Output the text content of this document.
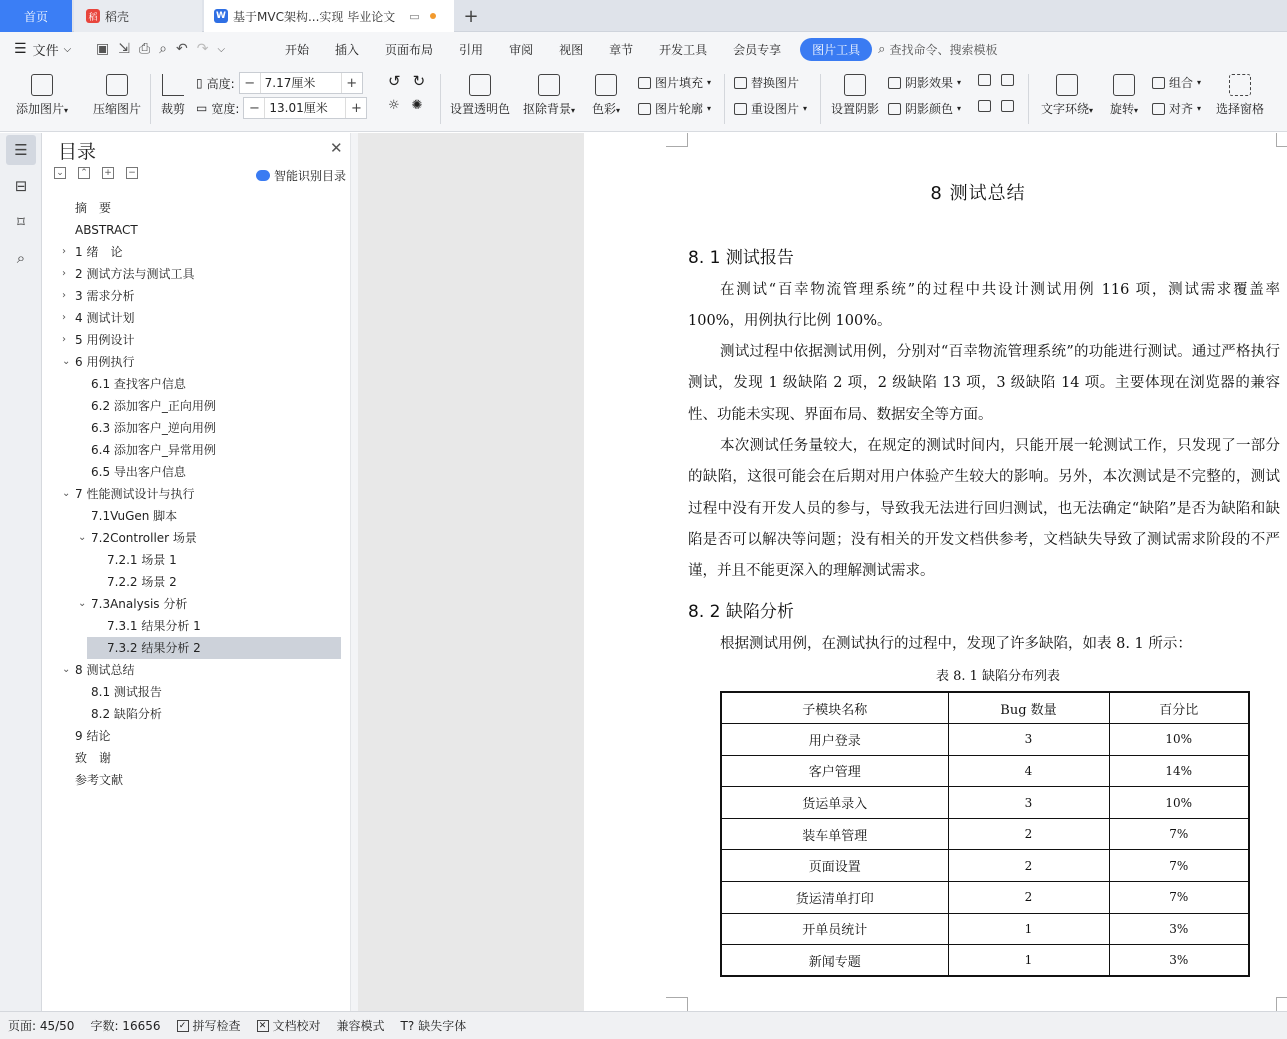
首页	稻 稻壳	W 基于MVC架构...实现 毕业论文 ▭	+
☰ 文件 ⌵ ▣ ⇲ ⎙ ⌕ ↶ ↷ ⌵	开始	插入	页面布局	引用	审阅	视图	章节	开发工具	会员专享	图片工具	⌕ 查找命令、搜索模板
添加图片▾	压缩图片	裁剪
▯ 高度: − 7.17厘米	+
▭ 宽度: − 13.01厘米	+
↺ ↻
☼ ✺ 设置透明色	抠除背景▾	色彩▾
图片填充 ▾
图片轮廓 ▾
替换图片
重设图片 ▾ 设置阴影
阴影效果 ▾
阴影颜色 ▾	文字环绕▾	旋转▾
组合 ▾
对齐 ▾ 选择窗格
☰
⊟
⌑
⌕
目录	✕
⌄ ⌃ + −	智能识别目录
摘　要
ABSTRACT
› 1 绪　论
› 2 测试方法与测试工具
› 3 需求分析
› 4 测试计划
› 5 用例设计
⌄ 6 用例执行
6.1 查找客户信息
6.2 添加客户_正向用例
6.3 添加客户_逆向用例
6.4 添加客户_异常用例
6.5 导出客户信息
⌄ 7 性能测试设计与执行
7.1VuGen 脚本
⌄ 7.2Controller 场景
7.2.1 场景 1
7.2.2 场景 2
⌄ 7.3Analysis 分析
7.3.1 结果分析 1
7.3.2 结果分析 2
⌄ 8 测试总结
8.1 测试报告
8.2 缺陷分析
9 结论
致　谢
参考文献
8 测试总结
8. 1 测试报告
在测试“百幸物流管理系统”的过程中共设计测试用例 116 项，测试需求覆盖率 100%，用例执行比例 100%。
测试过程中依据测试用例，分别对“百幸物流管理系统”的功能进行测试。通过严格执行测试，发现 1 级缺陷 2 项，2 级缺陷 13 项，3 级缺陷 14 项。主要体现在浏览器的兼容性、功能未实现、界面布局、数据安全等方面。
本次测试任务量较大，在规定的测试时间内，只能开展一轮测试工作，只发现了一部分的缺陷，这很可能会在后期对用户体验产生较大的影响。另外，本次测试是不完整的，测试过程中没有开发人员的参与，导致我无法进行回归测试，也无法确定“缺陷”是否为缺陷和缺陷是否可以解决等问题；没有相关的开发文档供参考，文档缺失导致了测试需求阶段的不严谨，并且不能更深入的理解测试需求。
8. 2 缺陷分析
根据测试用例，在测试执行的过程中，发现了许多缺陷，如表 8. 1 所示：
表 8. 1 缺陷分布列表
子模块名称	Bug 数量	百分比
用户登录	3	10%
客户管理	4	14%
货运单录入	3	10%
装车单管理	2	7%
页面设置	2	7%
货运清单打印	2	7%
开单员统计	1	3%
新闻专题	1	3%
页面: 45/50	字数: 16656	✓ 拼写检查 ✕ 文档校对	兼容模式	T? 缺失字体
